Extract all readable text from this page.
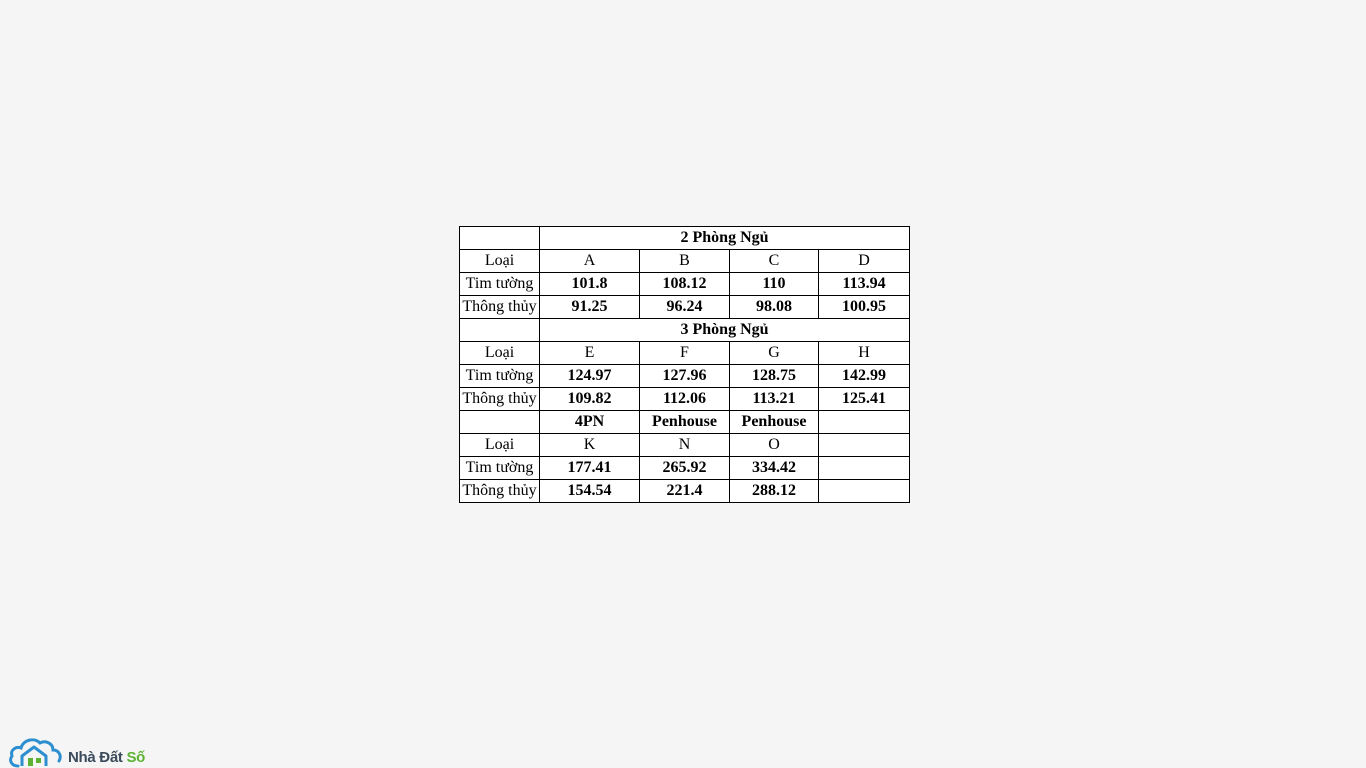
	2 Phòng Ngủ			
Loại	A	B	C	D
Tim tường	101.8	108.12	110	113.94
Thông thủy	91.25	96.24	98.08	100.95
	3 Phòng Ngủ			
Loại	E	F	G	H
Tim tường	124.97	127.96	128.75	142.99
Thông thủy	109.82	112.06	113.21	125.41
	4PN	Penhouse	Penhouse	
Loại	K	N	O	
Tim tường	177.41	265.92	334.42	
Thông thủy	154.54	221.4	288.12	
Nhà Đất Số
